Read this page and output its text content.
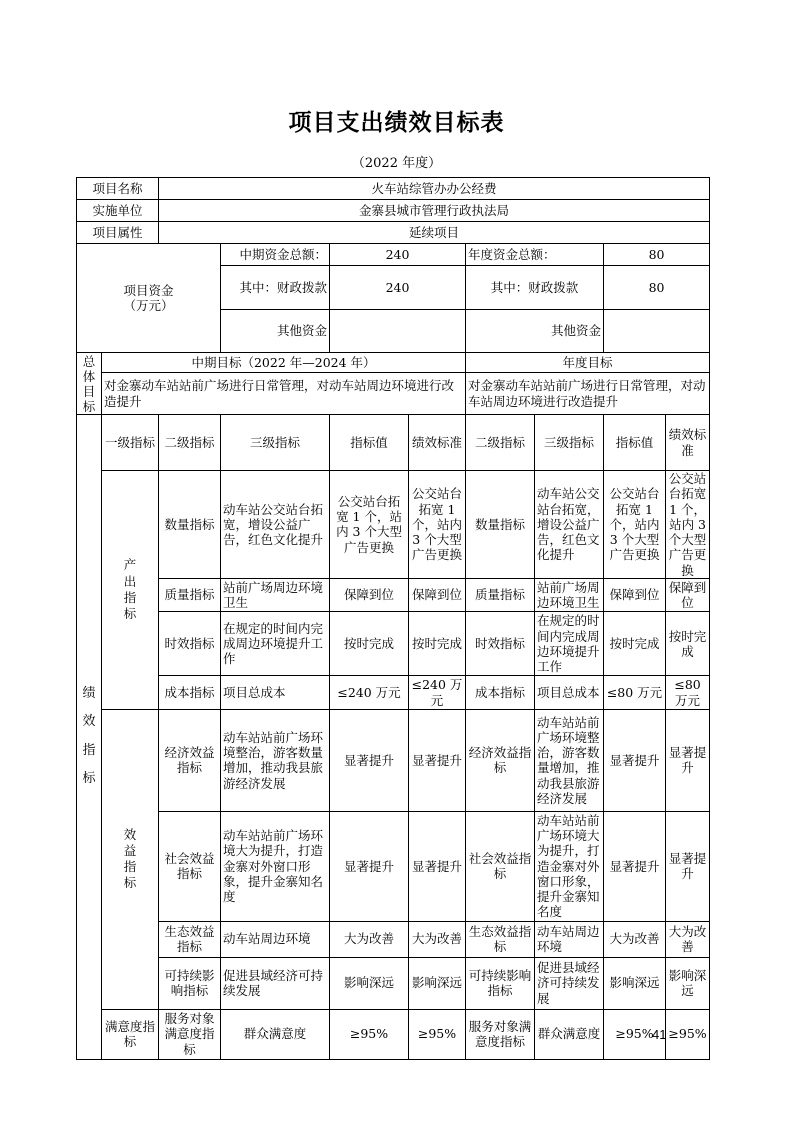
项目支出绩效目标表
（2022 年度）
项目名称		火车站综管办办公经费							
实施单位		金寨县城市管理行政执法局							
项目属性		延续项目							
项目资金
（万元）			中期资金总额：	240		年度资金总额：		80	
			其中：财政拨款	240		其中：财政拨款		80	
			其他资金			其他资金			

总体目标	中期目标（2022 年—2024 年）					年度目标			
	对金寨动车站站前广场进行日常管理，对动车站周边环境进行改造提升					对金寨动车站站前广场进行日常管理，对动车站周边环境进行改造提升			

绩效指标	一级指标	二级指标	三级指标	指标值	绩效标准	二级指标	三级指标	指标值	绩效标准

	产出指标	数量指标	动车站公交站台拓宽，增设公益广告，红色文化提升	公交站台拓宽 1 个，站内 3 个大型广告更换	公交站台拓宽 1 个，站内 3 个大型广告更换	数量指标	动车站公交站台拓宽，增设公益广告，红色文化提升	公交站台拓宽 1 个，站内 3 个大型广告更换	公交站台拓宽 1 个，站内 3 个大型广告更换
		质量指标	站前广场周边环境卫生	保障到位	保障到位	质量指标	站前广场周边环境卫生	保障到位	保障到位
		时效指标	在规定的时间内完成周边环境提升工作	按时完成	按时完成	时效指标	在规定的时间内完成周边环境提升工作	按时完成	按时完成
		成本指标	项目总成本	≤240 万元	≤240 万元	成本指标	项目总成本	≤80 万元	≤80 万元

	效益指标	经济效益指标	动车站站前广场环境整治，游客数量增加，推动我县旅游经济发展	显著提升	显著提升	经济效益指标	动车站站前广场环境整治，游客数量增加，推动我县旅游经济发展	显著提升	显著提升
		社会效益指标	动车站站前广场环境大为提升，打造金寨对外窗口形象，提升金寨知名度	显著提升	显著提升	社会效益指标	动车站站前广场环境大为提升，打造金寨对外窗口形象，提升金寨知名度	显著提升	显著提升
		生态效益指标	动车站周边环境	大为改善	大为改善	生态效益指标	动车站周边环境	大为改善	大为改善
		可持续影响指标	促进县域经济可持续发展	影响深远	影响深远	可持续影响指标	促进县域经济可持续发展	影响深远	影响深远
	满意度指标	服务对象满意度指标	群众满意度	≥95%	≥95%	服务对象满意度指标	群众满意度	≥95%	≥95%
41
